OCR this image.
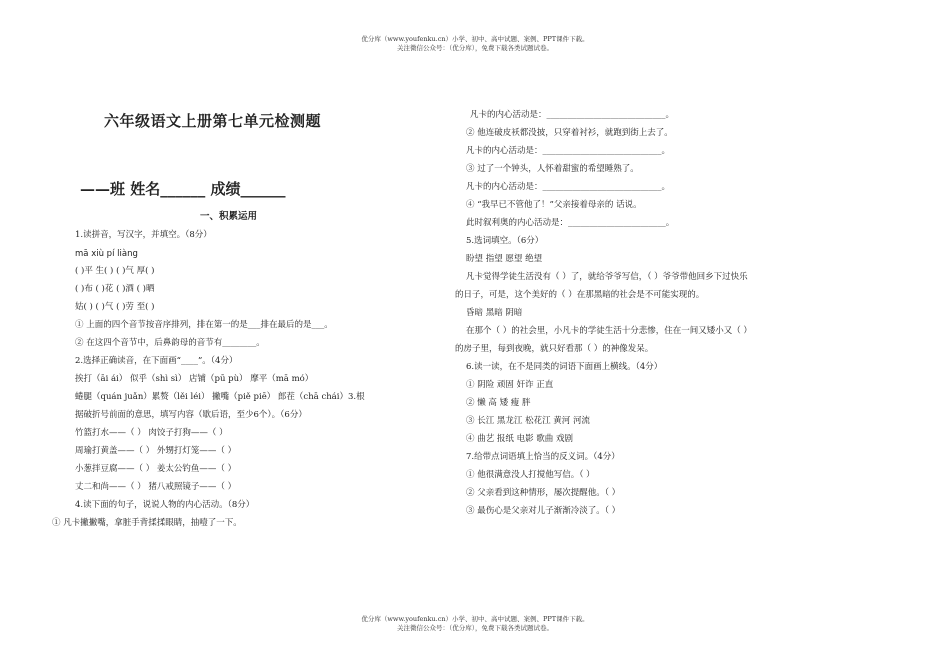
优分库（www.youfenku.cn）小学、初中、高中试题、案例、PPT课件下载。
关注微信公众号：（优分库），免费下载各类试题试卷。
六年级语文上册第七单元检测题
——班 姓名______ 成绩______
一、积累运用
1.读拼音，写汉字，并填空。（8分）
mā xiù pí liàng
( )平 生( ) ( )气 厚( )
( )布 ( )花 ( )酒 ( )晒
姑( ) ( )气 ( )劳 至( )
① 上面的四个音节按音序排列，排在第一的是___排在最后的是___。
② 在这四个音节中，后鼻韵母的音节有________。
2.选择正确读音，在下面画“____”。（4分）
挨打（āi ái） 似乎（shì sì） 店铺（pū pù） 摩平（mā mó）
蜷腿（quán juǎn）累赘（lěi léi） 撇嘴（piě piē） 郎茬（chā chái）3.根
据破折号前面的意思，填写内容（歇后语，至少6个）。（6分）
竹篮打水——（ ） 肉饺子打狗——（ ）
周瑜打黄盖——（ ） 外甥打灯笼——（ ）
小葱拌豆腐——（ ） 姜太公钓鱼——（ ）
丈二和尚——（ ） 猪八戒照镜子——（ ）
4.读下面的句子，说说人物的内心活动。（8分）
① 凡卡撇撇嘴，拿脏手背揉揉眼睛，抽噎了一下。
凡卡的内心活动是：____________________________。
② 他连破皮袄都没披，只穿着衬衫，就跑到街上去了。
凡卡的内心活动是：____________________________。
③ 过了一个钟头，人怀着甜蜜的希望睡熟了。
凡卡的内心活动是：____________________________。
④ “我早已不管他了！”父亲接着母亲的 话说。
此时叙利奥的内心活动是：_______________________。
5.选词填空。（6分）
盼望 指望 愿望 绝望
凡卡觉得学徒生活没有（ ）了，就给爷爷写信，（ ）爷爷带他回乡下过快乐
的日子，可是，这个美好的（ ）在那黑暗的社会是不可能实现的。
昏暗 黑暗 阴暗
在那个（ ）的社会里，小凡卡的学徒生活十分悲惨，住在一间又矮小又（ ）
的房子里，每到夜晚，就只好看那（ ）的神像发呆。
6.读一读，在不是同类的词语下面画上横线。（4分）
① 阴险 顽固 奸诈 正直
② 懒 高 矮 瘦 胖
③ 长江 黑龙江 松花江 黄河 河流
④ 曲艺 报纸 电影 歌曲 戏剧
7.给带点词语填上恰当的反义词。（4分）
① 他很满意没人打搅他写信。（ ）
② 父亲看到这种情形，屡次提醒他。（ ）
③ 最伤心是父亲对儿子渐渐冷淡了。（ ）
优分库（www.youfenku.cn）小学、初中、高中试题、案例、PPT课件下载。
关注微信公众号：（优分库），免费下载各类试题试卷。
